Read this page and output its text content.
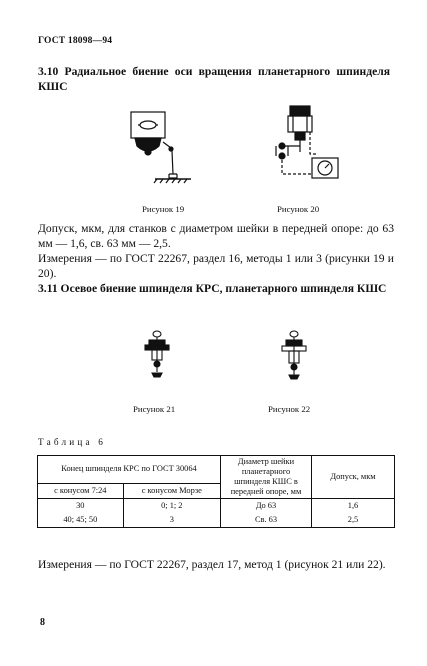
ГОСТ 18098—94
3.10 Радиальное биение оси вращения планетарного шпинделя КШС
Рисунок 19	Рисунок 20
Допуск, мкм, для станков с диаметром шейки в передней опоре: до 63 мм — 1,6, св. 63 мм — 2,5.
Измерения — по ГОСТ 22267, раздел 16, методы 1 или 3 (рисунки 19 и 20).
3.11 Осевое биение шпинделя КРС, планетарного шпинделя КШС
Рисунок 21	Рисунок 22
Таблица 6
Конец шпинделя КРС по ГОСТ 30064		Диаметр шейки планетарного шпинделя КШС в передней опоре, мм	Допуск, мкм
с конусом 7:24	с конусом Морзе		
30	0; 1; 2	До 63	1,6
40; 45; 50	3	Св. 63	2,5
Измерения — по ГОСТ 22267, раздел 17, метод 1 (рисунок 21 или 22).
8
